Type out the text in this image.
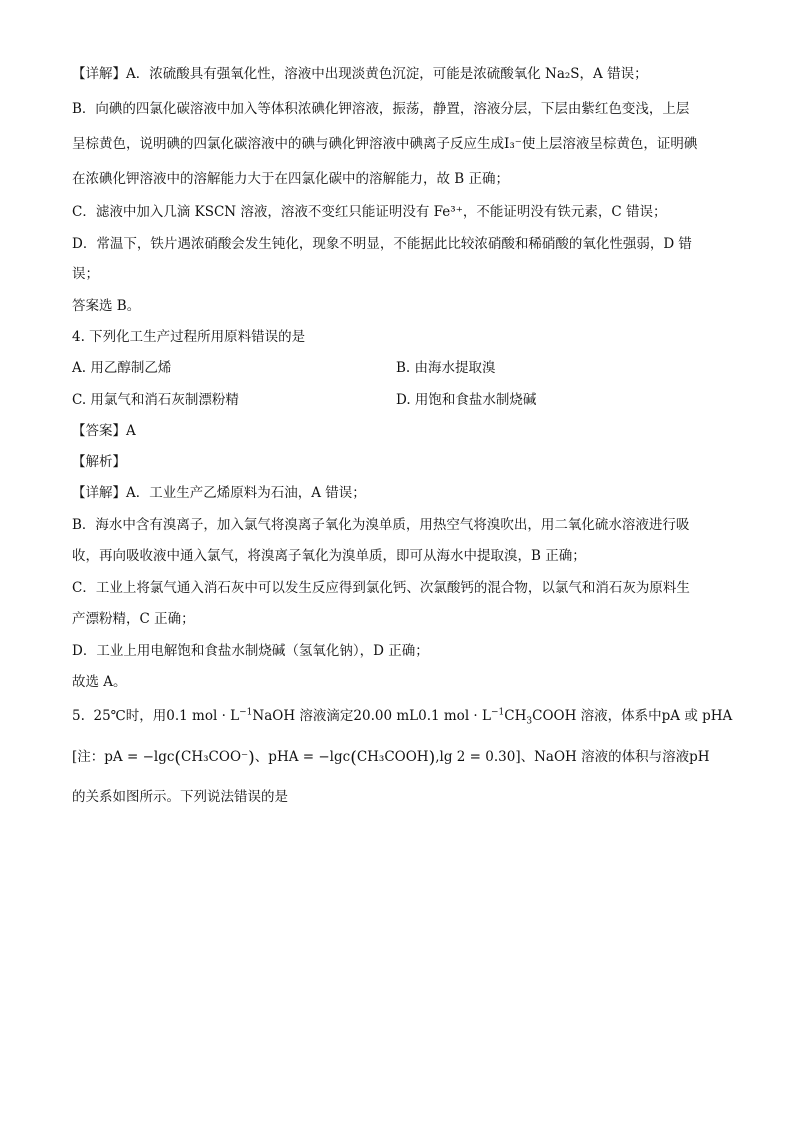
【详解】A．浓硫酸具有强氧化性，溶液中出现淡黄色沉淀，可能是浓硫酸氧化 Na₂S，A 错误；
B．向碘的四氯化碳溶液中加入等体积浓碘化钾溶液，振荡，静置，溶液分层，下层由紫红色变浅，上层
呈棕黄色，说明碘的四氯化碳溶液中的碘与碘化钾溶液中碘离子反应生成I₃⁻使上层溶液呈棕黄色，证明碘
在浓碘化钾溶液中的溶解能力大于在四氯化碳中的溶解能力，故 B 正确；
C．滤液中加入几滴 KSCN 溶液，溶液不变红只能证明没有 Fe³⁺，不能证明没有铁元素，C 错误；
D．常温下，铁片遇浓硝酸会发生钝化，现象不明显，不能据此比较浓硝酸和稀硝酸的氧化性强弱，D 错
误；
答案选 B。
4. 下列化工生产过程所用原料错误的是
A. 用乙醇制乙烯	B. 由海水提取溴
C. 用氯气和消石灰制漂粉精	D. 用饱和食盐水制烧碱
【答案】A
【解析】
【详解】A．工业生产乙烯原料为石油，A 错误；
B．海水中含有溴离子，加入氯气将溴离子氧化为溴单质，用热空气将溴吹出，用二氧化硫水溶液进行吸
收，再向吸收液中通入氯气，将溴离子氧化为溴单质，即可从海水中提取溴，B 正确；
C．工业上将氯气通入消石灰中可以发生反应得到氯化钙、次氯酸钙的混合物，以氯气和消石灰为原料生
产漂粉精，C 正确；
D．工业上用电解饱和食盐水制烧碱（氢氧化钠），D 正确；
故选 A。
5. 25℃时，用0.1 mol · $L^{-1}NaOH$ 溶液滴定20.00 mL0.1 mol · $L^{-1}CH_3COOH$ 溶液，体系中pA 或 pHA
[注：pA = −lgc(CH₃COO⁻)、pHA = −lgc(CH₃COOH),lg 2 = 0.30]、NaOH 溶液的体积与溶液pH
的关系如图所示。下列说法错误的是
